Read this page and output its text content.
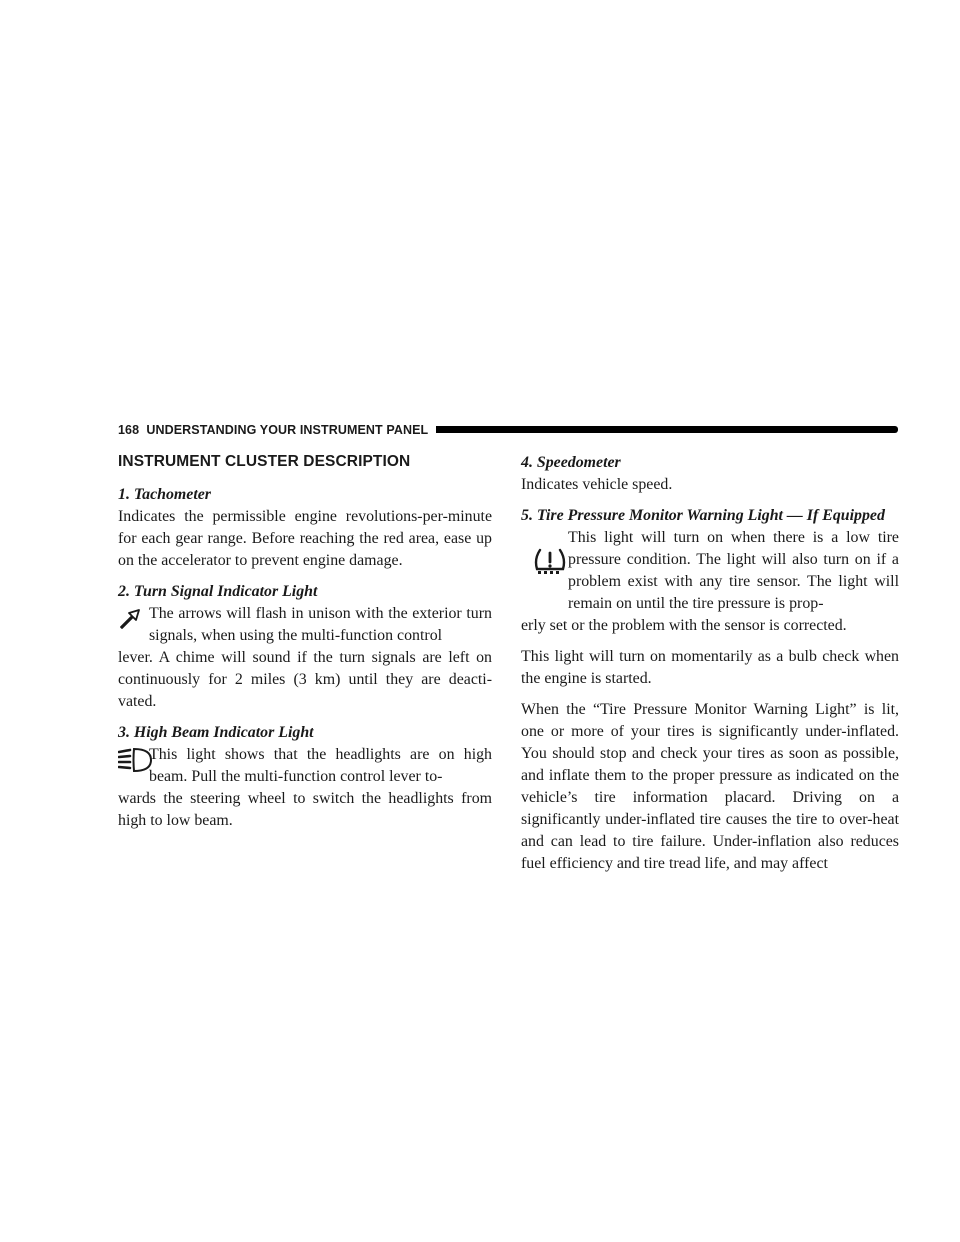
168 UNDERSTANDING YOUR INSTRUMENT PANEL
INSTRUMENT CLUSTER DESCRIPTION
1. Tachometer

Indicates the permissible engine revolutions-per-minute for each gear range. Before reaching the red area, ease up on the accelerator to prevent engine damage.

2. Turn Signal Indicator Light

The arrows will flash in unison with the exterior turn signals, when using the multi-function control

lever. A chime will sound if the turn signals are left on continuously for 2 miles (3 km) until they are deacti-vated.

3. High Beam Indicator Light

This light shows that the headlights are on high beam. Pull the multi-function control lever to-

wards the steering wheel to switch the headlights from high to low beam.

4. Speedometer

Indicates vehicle speed.

5. Tire Pressure Monitor Warning Light — If Equipped

This light will turn on when there is a low tire pressure condition. The light will also turn on if a problem exist with any tire sensor. The light will remain on until the tire pressure is prop-

erly set or the problem with the sensor is corrected.

This light will turn on momentarily as a bulb check when the engine is started.

When the “Tire Pressure Monitor Warning Light” is lit, one or more of your tires is significantly under-inflated. You should stop and check your tires as soon as possible, and inflate them to the proper pressure as indicated on the vehicle’s tire information placard. Driving on a significantly under-inflated tire causes the tire to over-heat and can lead to tire failure. Under-inflation also reduces fuel efficiency and tire tread life, and may affect
